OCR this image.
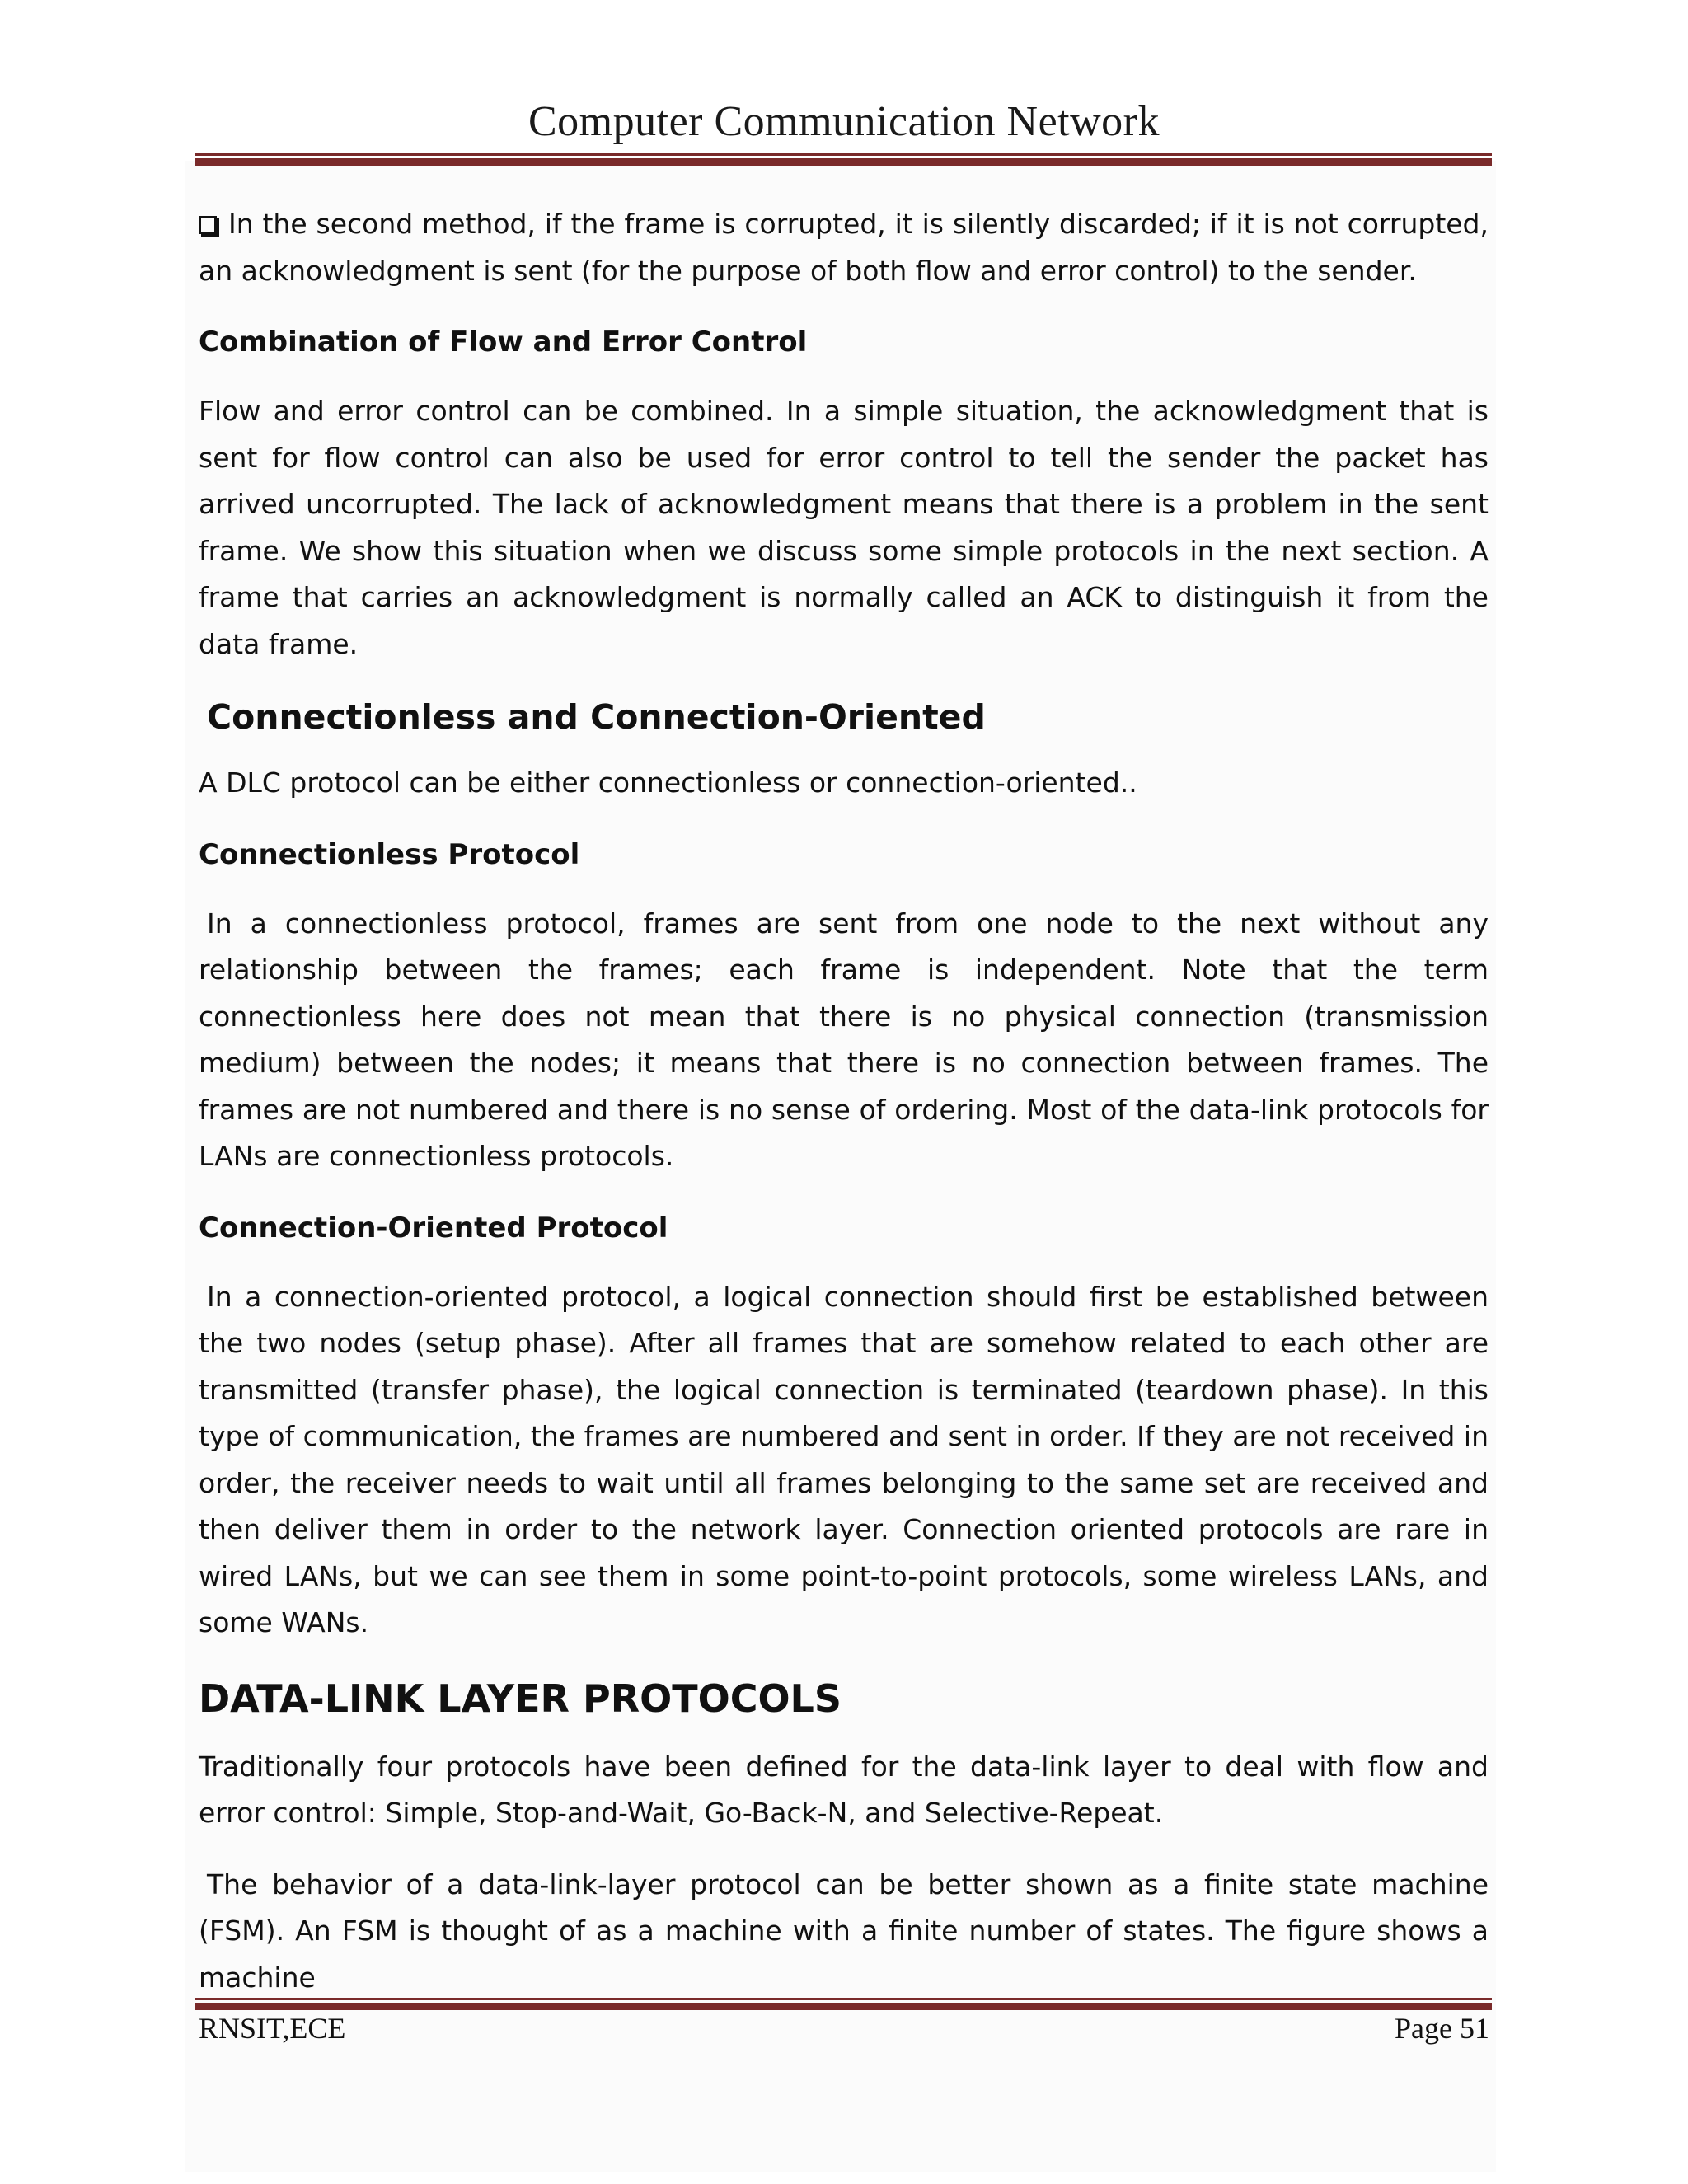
Computer Communication Network

In the second method, if the frame is corrupted, it is silently discarded; if it is not corrupted, an acknowledgment is sent (for the purpose of both flow and error control) to the sender.

Combination of Flow and Error Control

Flow and error control can be combined. In a simple situation, the acknowledgment that is sent for flow control can also be used for error control to tell the sender the packet has arrived uncorrupted. The lack of acknowledgment means that there is a problem in the sent frame. We show this situation when we discuss some simple protocols in the next section. A frame that carries an acknowledgment is normally called an ACK to distinguish it from the data frame.

Connectionless and Connection-Oriented

A DLC protocol can be either connectionless or connection-oriented..

Connectionless Protocol

In a connectionless protocol, frames are sent from one node to the next without any relationship between the frames; each frame is independent. Note that the term connectionless here does not mean that there is no physical connection (transmission medium) between the nodes; it means that there is no connection between frames. The frames are not numbered and there is no sense of ordering. Most of the data-link protocols for LANs are connectionless protocols.

Connection-Oriented Protocol

In a connection-oriented protocol, a logical connection should first be established between the two nodes (setup phase). After all frames that are somehow related to each other are transmitted (transfer phase), the logical connection is terminated (teardown phase). In this type of communication, the frames are numbered and sent in order. If they are not received in order, the receiver needs to wait until all frames belonging to the same set are received and then deliver them in order to the network layer. Connection oriented protocols are rare in wired LANs, but we can see them in some point-to-point protocols, some wireless LANs, and some WANs.

DATA-LINK LAYER PROTOCOLS

Traditionally four protocols have been defined for the data-link layer to deal with flow and error control: Simple, Stop-and-Wait, Go-Back-N, and Selective-Repeat.

The behavior of a data-link-layer protocol can be better shown as a finite state machine (FSM). An FSM is thought of as a machine with a finite number of states. The figure shows a machine

RNSIT,ECE	Page 51
